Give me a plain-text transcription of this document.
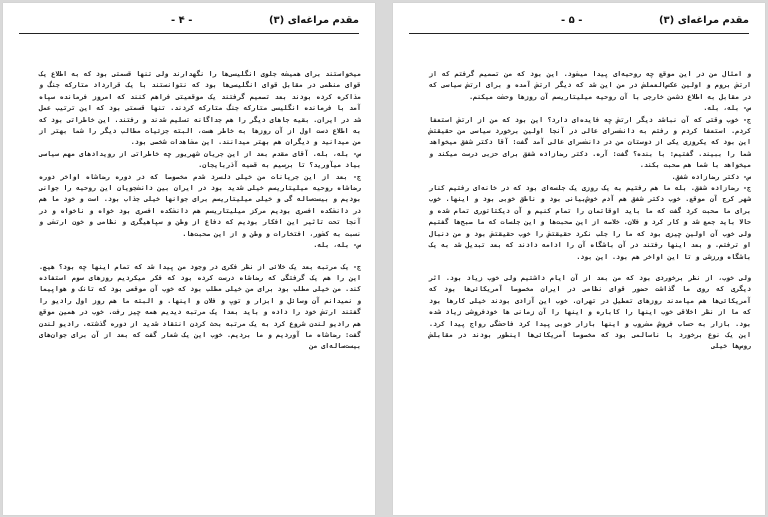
- ۴ -	مقدم مراغه‌ای (۳)

میخواستند برای همیشه جلوی انگلیسی‌ها را نگهدارند ولی تنها قسمتی بود که به اطلاع یک قوای منظمی در مقابل قوای انگلیسی‌ها بود که نتوانستند با یک قرارداد متارکه جنگ و مذاکره کرده بودند بعد تصمیم گرفتند یک موقعیتی فراهم کنند که امروز فرمانده سپاه آمد با فرمانده انگلیسی متارکه جنگ متارکه کردند. تنها قسمتی بود که این ترتیب عمل شد در ایران. بقیه جاهای دیگر را هم جداگانه تسلیم شدند و رفتند. این خاطراتی بود که به اطلاع دست اول از آن روزها به خاطر هست، البته جزئیات مطالب دیگر را شما بهتر از من میدانید و دیگران هم بهتر میدانند. این مشاهدات شخصی بود.

س- بله، بله. آقای مقدم بعد از این جریان شهریور چه خاطراتی از رویدادهای مهم سیاسی بیاد میآورید؟ تا برسیم به قضیه آذربایجان.

ج- بعد از این جریانات من خیلی دلسرد شدم مخصوصا که در دوره رضاشاه اواخر دوره رضاشاه روحیه میلیتاریسم خیلی شدید بود در ایران بین دانشجویان این روحیه را جوانی بودیم و بیست‌ساله گی و خیلی میلیتاریسم برای جوانها خیلی جذاب بود. است و خود ما هم در دانشکده افسری بودیم مرکز میلیتاریسم هم دانشکده افسری بود خواه و ناخواه و در آنجا تحت تاثیر این افکار بودیم که دفاع از وطن و سپاهیگری و نظامی و خون ارتشی و نسبت به کشور، افتخارات و وطن و از این صحبت‌ها.

س- بله، بله.

ج- یک مرتبه بعد یک خلائی از نظر فکری در وجود من پیدا شد که تمام اینها چه بود؟ هیچ. این را هم یک گرفتگی که رضاشاه درست کرده بود که فکر میکردیم روزهای سوم استفاده کند. من خیلی مطلب بود برای من خیلی مطلب بود که خوب آن موقعی بود که تانک و هواپیما و نمیدانم آن وسائل و ابزار و توپ و فلان و اینها. و البته ما هم روز اول رادیو را گفتند ارتش خود را داده و باید بعدا یک مرتبه دیدیم همه چیز رفت. خوب در همین موقع هم رادیو لندن شروع کرد به یک مرتبه بحث کردن انتقاد شدید از دوره گذشته. رادیو لندن گفت: رضاشاه ما آوردیم و ما بردیم. خوب این یک شعار گفت که بعد از آن برای جوان‌های بیست‌ساله‌ای من

- ۵ -	مقدم مراغه‌ای (۳)

و امثال من در این موقع چه روحیه‌ای پیدا میشود. این بود که من تصمیم گرفتم که از ارتش بروم و اولین عکس‌العملش در من این شد که دیگر ارتش آمده و برای ارتش سیاسی که در مقابل به اطلاع دشمن خارجی با آن روحیه میلیتاریسم آن روزها وحشت میکنم.

س- بله، بله.

ج- خوب وقتی که آن نباشد دیگر ارتش چه فایده‌ای دارد؟ این بود که من از ارتش استعفا کردم. استعفا کردم و رفتم به دانشسرای عالی در آنجا اولین برخورد سیاسی من حقیقتش این بود که یکروزی یکی از دوستان من در دانشسرای عالی آمد گفت: آقا دکتر شفق میخواهد شما را ببیند. گفتیم: با بنده؟ گفت: آره. دکتر رضازاده شفق برای حزبی درست میکند و میخواهد با شما هم صحبت بکند.

س- دکتر رضازاده شفق.

ج- رضازاده شفق. بله ما هم رفتیم به یک روزی یک جلسه‌ای بود که در خانه‌ای رفتیم کنار شهر کرج آن موقع. خوب دکتر شفق هم آدم خوش‌بیانی بود و ناطق خوبی بود و اینها. خوب برای ما صحبت کرد گفت که ما باید اوقاتمان را تمام کنیم و آن دیکتاتوری تمام شده و حالا باید جمع شد و کار کرد و فلان. خلاصه از این صحبت‌ها و این جلسات که ما صبح‌ها گفتیم ولی خوب آن اولین چیزی بود که ما را جلب نکرد حقیقتش را خوب حقیقتش بود و من دنبال او ترفتم. و بعد اینها رفتند در آن باشگاه آن را ادامه دادند که بعد تبدیل شد به یک باشگاه ورزشی و تا این اواخر هم بود. این بود.

ولی خوب، از نظر برخوردی بود که من بعد از آن ایام داشتیم ولی خوب زیاد بود. اثر دیگری که روی ما گذاشت حضور قوای نظامی در ایران مخصوصا آمریکائی‌ها بود که آمریکائی‌ها هم میامدند روزهای تعطیل در تهران. خوب این آزادی بودند خیلی کارها بود که ما از نظر اخلاقی خوب اینها را کاباره و اینها را آن زمانی ها خودفروشی زیاد شده بود. بازار به حساب فروش مشروب و اینها بازار خوبی پیدا کرد فاحشگی رواج پیدا کرد. این یک نوع برخورد با ناسالمی بود که مخصوصا آمریکائی‌ها اینطور بودند در مقابلش روس‌ها خیلی
